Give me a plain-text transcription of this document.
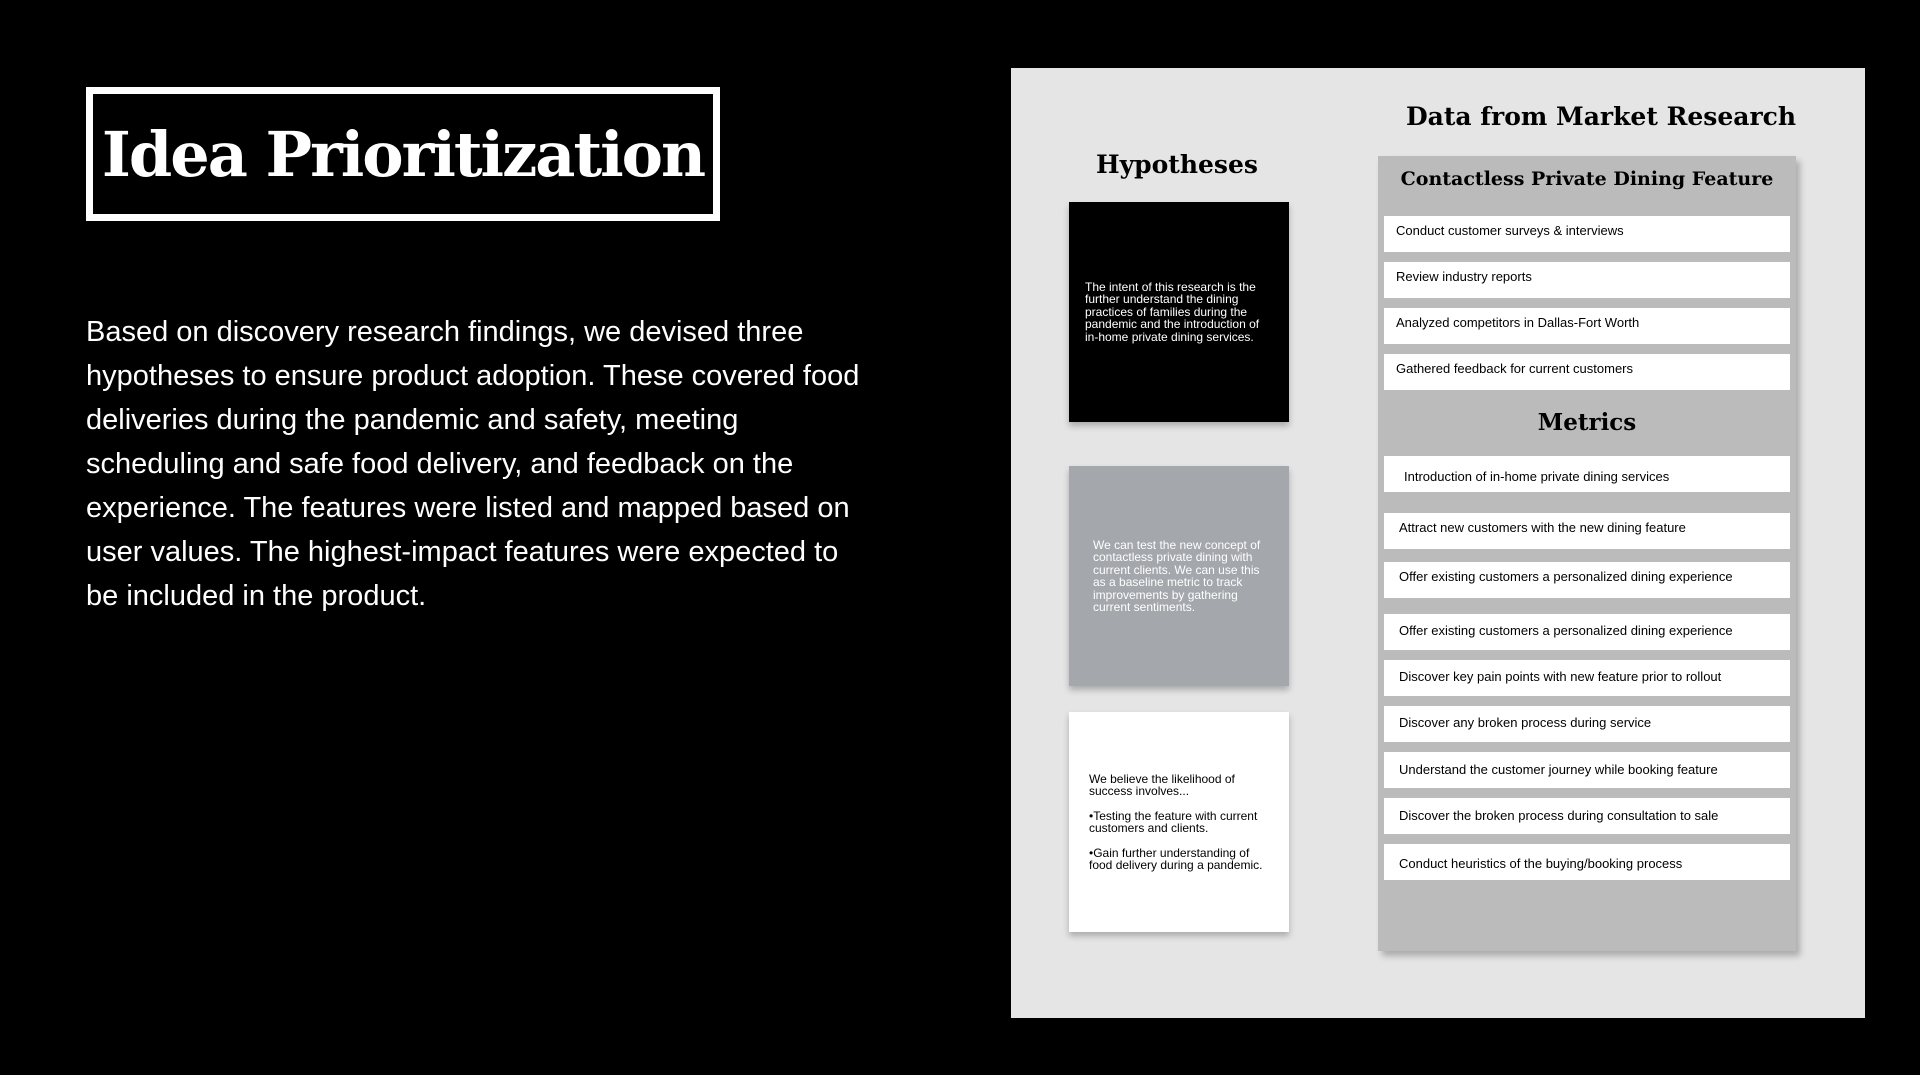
Idea Prioritization

Based on discovery research findings, we devised three hypotheses to ensure product adoption. These covered food deliveries during the pandemic and safety, meeting scheduling and safe food delivery, and feedback on the experience. The features were listed and mapped based on user values. The highest-impact features were expected to be included in the product.

Hypotheses

The intent of this research is the further understand the dining practices of families during the pandemic and the introduction of in-home private dining services.

We can test the new concept of contactless private dining with current clients. We can use this as a baseline metric to track improvements by gathering current sentiments.

We believe the likelihood of success involves...

•Testing the feature with current customers and clients.

•Gain further understanding of food delivery during a pandemic.

Data from Market Research
Contactless Private Dining Feature
Conduct customer surveys & interviews
Review industry reports
Analyzed competitors in Dallas-Fort Worth
Gathered feedback for current customers
Metrics
Introduction of in-home private dining services
Attract new customers with the new dining feature
Offer existing customers a personalized dining experience
Offer existing customers a personalized dining experience
Discover key pain points with new feature prior to rollout
Discover any broken process during service
Understand the customer journey while booking feature
Discover the broken process during consultation to sale
Conduct heuristics of the buying/booking process
